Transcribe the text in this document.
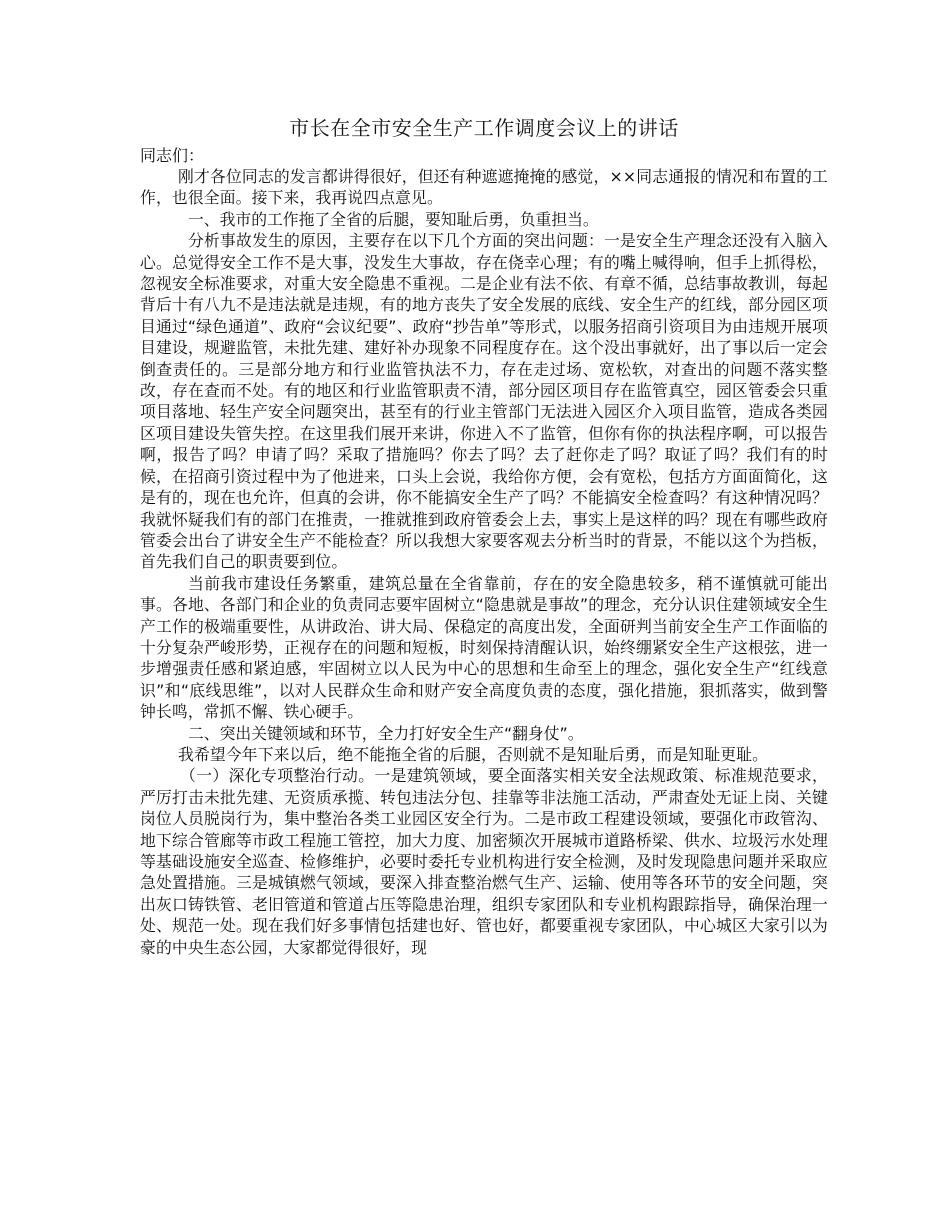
市长在全市安全生产工作调度会议上的讲话

同志们：

刚才各位同志的发言都讲得很好，但还有种遮遮掩掩的感觉，××同志通报的情况和布置的工作，也很全面。接下来，我再说四点意见。

一、我市的工作拖了全省的后腿，要知耻后勇，负重担当。

分析事故发生的原因，主要存在以下几个方面的突出问题：一是安全生产理念还没有入脑入心。总觉得安全工作不是大事，没发生大事故，存在侥幸心理；有的嘴上喊得响，但手上抓得松，忽视安全标准要求，对重大安全隐患不重视。二是企业有法不依、有章不循，总结事故教训，每起背后十有八九不是违法就是违规，有的地方丧失了安全发展的底线、安全生产的红线，部分园区项目通过“绿色通道”、政府“会议纪要”、政府“抄告单”等形式，以服务招商引资项目为由违规开展项目建设，规避监管，未批先建、建好补办现象不同程度存在。这个没出事就好，出了事以后一定会倒查责任的。三是部分地方和行业监管执法不力，存在走过场、宽松软，对查出的问题不落实整改，存在查而不处。有的地区和行业监管职责不清，部分园区项目存在监管真空，园区管委会只重项目落地、轻生产安全问题突出，甚至有的行业主管部门无法进入园区介入项目监管，造成各类园区项目建设失管失控。在这里我们展开来讲，你进入不了监管，但你有你的执法程序啊，可以报告啊，报告了吗？申请了吗？采取了措施吗？你去了吗？去了赶你走了吗？取证了吗？我们有的时候，在招商引资过程中为了他进来，口头上会说，我给你方便，会有宽松，包括方方面面简化，这是有的，现在也允许，但真的会讲，你不能搞安全生产了吗？不能搞安全检查吗？有这种情况吗？我就怀疑我们有的部门在推责，一推就推到政府管委会上去，事实上是这样的吗？现在有哪些政府管委会出台了讲安全生产不能检查？所以我想大家要客观去分析当时的背景，不能以这个为挡板，首先我们自己的职责要到位。

当前我市建设任务繁重，建筑总量在全省靠前，存在的安全隐患较多，稍不谨慎就可能出事。各地、各部门和企业的负责同志要牢固树立“隐患就是事故”的理念，充分认识住建领域安全生产工作的极端重要性，从讲政治、讲大局、保稳定的高度出发，全面研判当前安全生产工作面临的十分复杂严峻形势，正视存在的问题和短板，时刻保持清醒认识，始终绷紧安全生产这根弦，进一步增强责任感和紧迫感，牢固树立以人民为中心的思想和生命至上的理念，强化安全生产“红线意识”和“底线思维”，以对人民群众生命和财产安全高度负责的态度，强化措施，狠抓落实，做到警钟长鸣，常抓不懈、铁心硬手。

二、突出关键领域和环节，全力打好安全生产“翻身仗”。

我希望今年下来以后，绝不能拖全省的后腿，否则就不是知耻后勇，而是知耻更耻。

（一）深化专项整治行动。一是建筑领域，要全面落实相关安全法规政策、标准规范要求，严厉打击未批先建、无资质承揽、转包违法分包、挂靠等非法施工活动，严肃查处无证上岗、关键岗位人员脱岗行为，集中整治各类工业园区安全行为。二是市政工程建设领域，要强化市政管沟、地下综合管廊等市政工程施工管控，加大力度、加密频次开展城市道路桥梁、供水、垃圾污水处理等基础设施安全巡查、检修维护，必要时委托专业机构进行安全检测，及时发现隐患问题并采取应急处置措施。三是城镇燃气领域，要深入排查整治燃气生产、运输、使用等各环节的安全问题，突出灰口铸铁管、老旧管道和管道占压等隐患治理，组织专家团队和专业机构跟踪指导，确保治理一处、规范一处。现在我们好多事情包括建也好、管也好，都要重视专家团队，中心城区大家引以为豪的中央生态公园，大家都觉得很好，现
